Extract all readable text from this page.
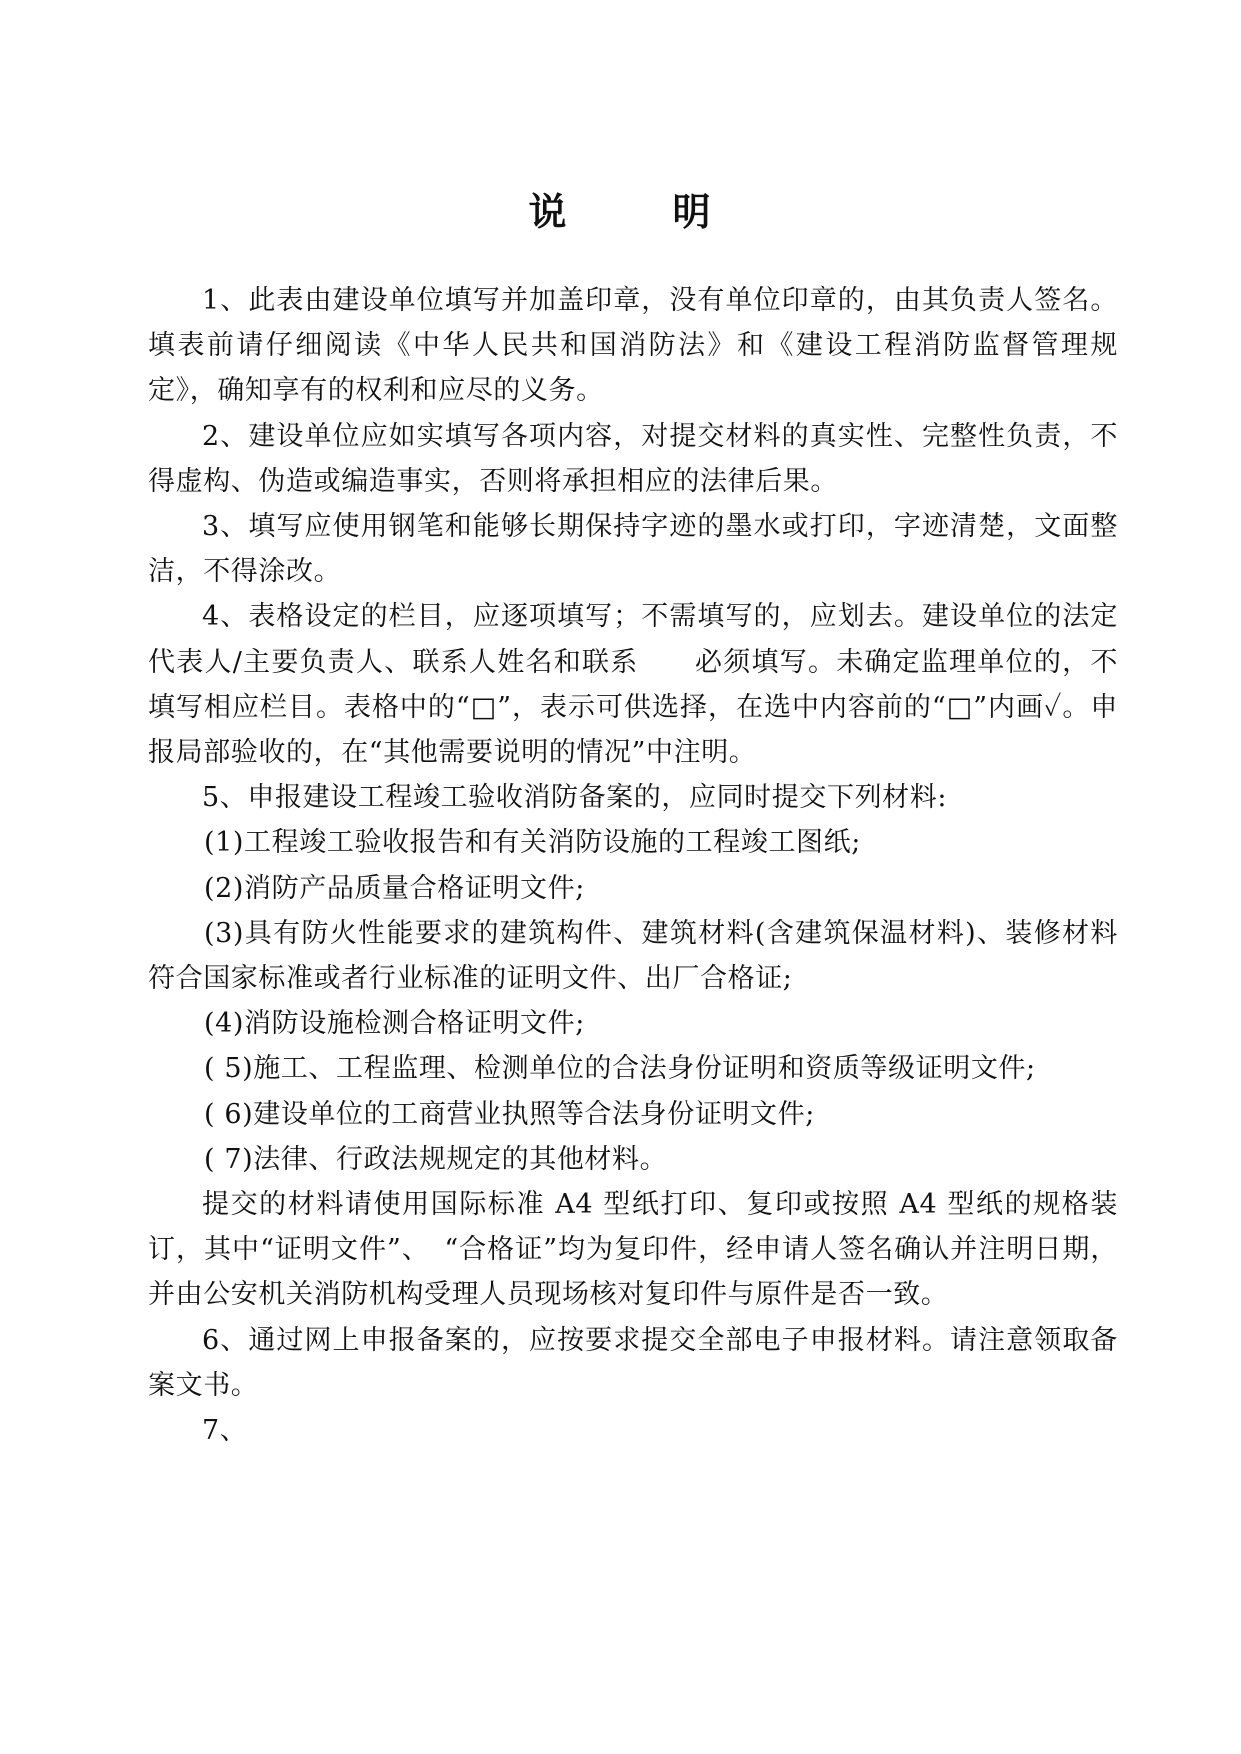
说	明

1、此表由建设单位填写并加盖印章，没有单位印章的，由其负责人签名。填表前请仔细阅读《中华人民共和国消防法》和《建设工程消防监督管理规定》，确知享有的权利和应尽的义务。

2、建设单位应如实填写各项内容，对提交材料的真实性、完整性负责，不得虚构、伪造或编造事实，否则将承担相应的法律后果。

3、填写应使用钢笔和能够长期保持字迹的墨水或打印，字迹清楚，文面整洁，不得涂改。

4、表格设定的栏目，应逐项填写；不需填写的，应划去。建设单位的法定代表人/主要负责人、联系人姓名和联系　　必须填写。未确定监理单位的，不填写相应栏目。表格中的“□”，表示可供选择，在选中内容前的“□”内画✓。申报局部验收的，在“其他需要说明的情况”中注明。

5、申报建设工程竣工验收消防备案的，应同时提交下列材料:

(1)工程竣工验收报告和有关消防设施的工程竣工图纸;

(2)消防产品质量合格证明文件;

(3)具有防火性能要求的建筑构件、建筑材料(含建筑保温材料)、装修材料符合国家标准或者行业标准的证明文件、出厂合格证;

(4)消防设施检测合格证明文件;

( 5)施工、工程监理、检测单位的合法身份证明和资质等级证明文件;

( 6)建设单位的工商营业执照等合法身份证明文件;

( 7)法律、行政法规规定的其他材料。

提交的材料请使用国际标准 A4 型纸打印、复印或按照 A4 型纸的规格装订，其中“证明文件”、　“合格证”均为复印件，经申请人签名确认并注明日期，并由公安机关消防机构受理人员现场核对复印件与原件是否一致。

6、通过网上申报备案的，应按要求提交全部电子申报材料。请注意领取备案文书。

7、
